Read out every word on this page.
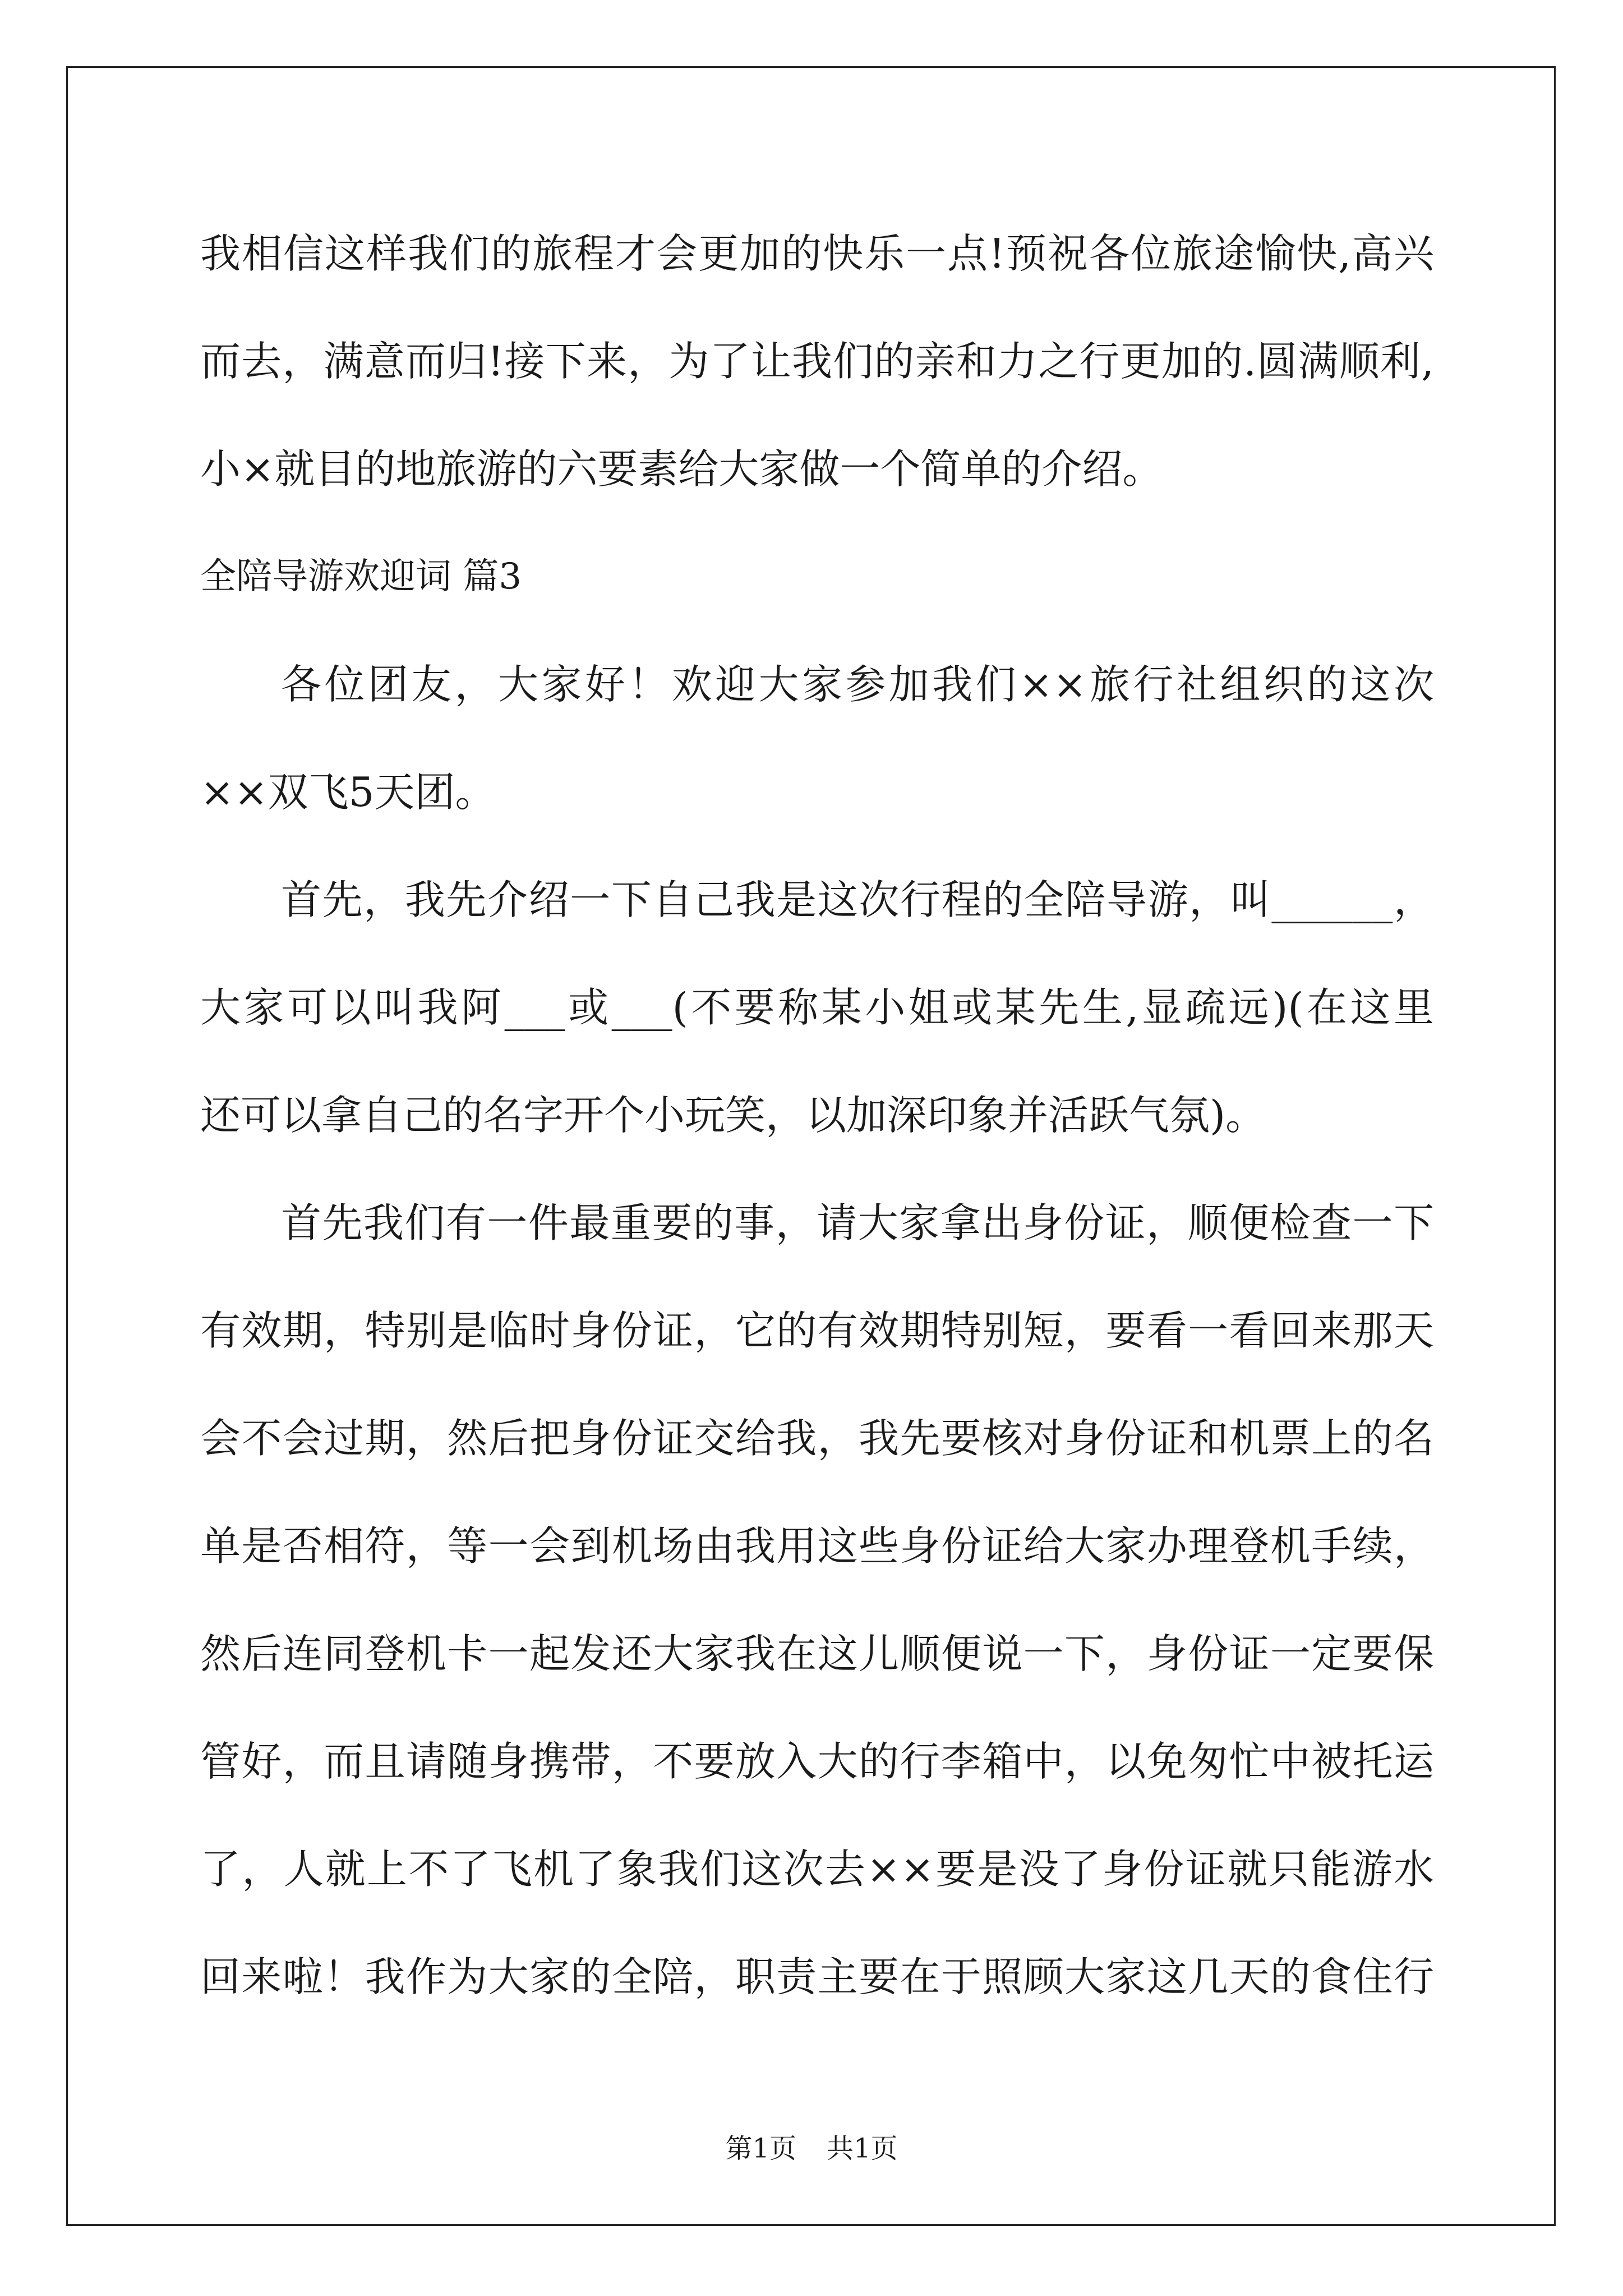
我相信这样我们的旅程才会更加的快乐一点!预祝各位旅途愉快,高兴
而去，满意而归!接下来，为了让我们的亲和力之行更加的.圆满顺利,
小×就目的地旅游的六要素给大家做一个简单的介绍。
全陪导游欢迎词 篇3
各位团友，大家好！欢迎大家参加我们××旅行社组织的这次
××双飞5天团。
首先，我先介绍一下自己我是这次行程的全陪导游，叫______，
大家可以叫我阿___或___(不要称某小姐或某先生,显疏远)(在这里
还可以拿自己的名字开个小玩笑，以加深印象并活跃气氛)。
首先我们有一件最重要的事，请大家拿出身份证，顺便检查一下
有效期，特别是临时身份证，它的有效期特别短，要看一看回来那天
会不会过期，然后把身份证交给我，我先要核对身份证和机票上的名
单是否相符，等一会到机场由我用这些身份证给大家办理登机手续，
然后连同登机卡一起发还大家我在这儿顺便说一下，身份证一定要保
管好，而且请随身携带，不要放入大的行李箱中，以免匆忙中被托运
了，人就上不了飞机了象我们这次去××要是没了身份证就只能游水
回来啦！我作为大家的全陪，职责主要在于照顾大家这几天的食住行
第1页 共1页
